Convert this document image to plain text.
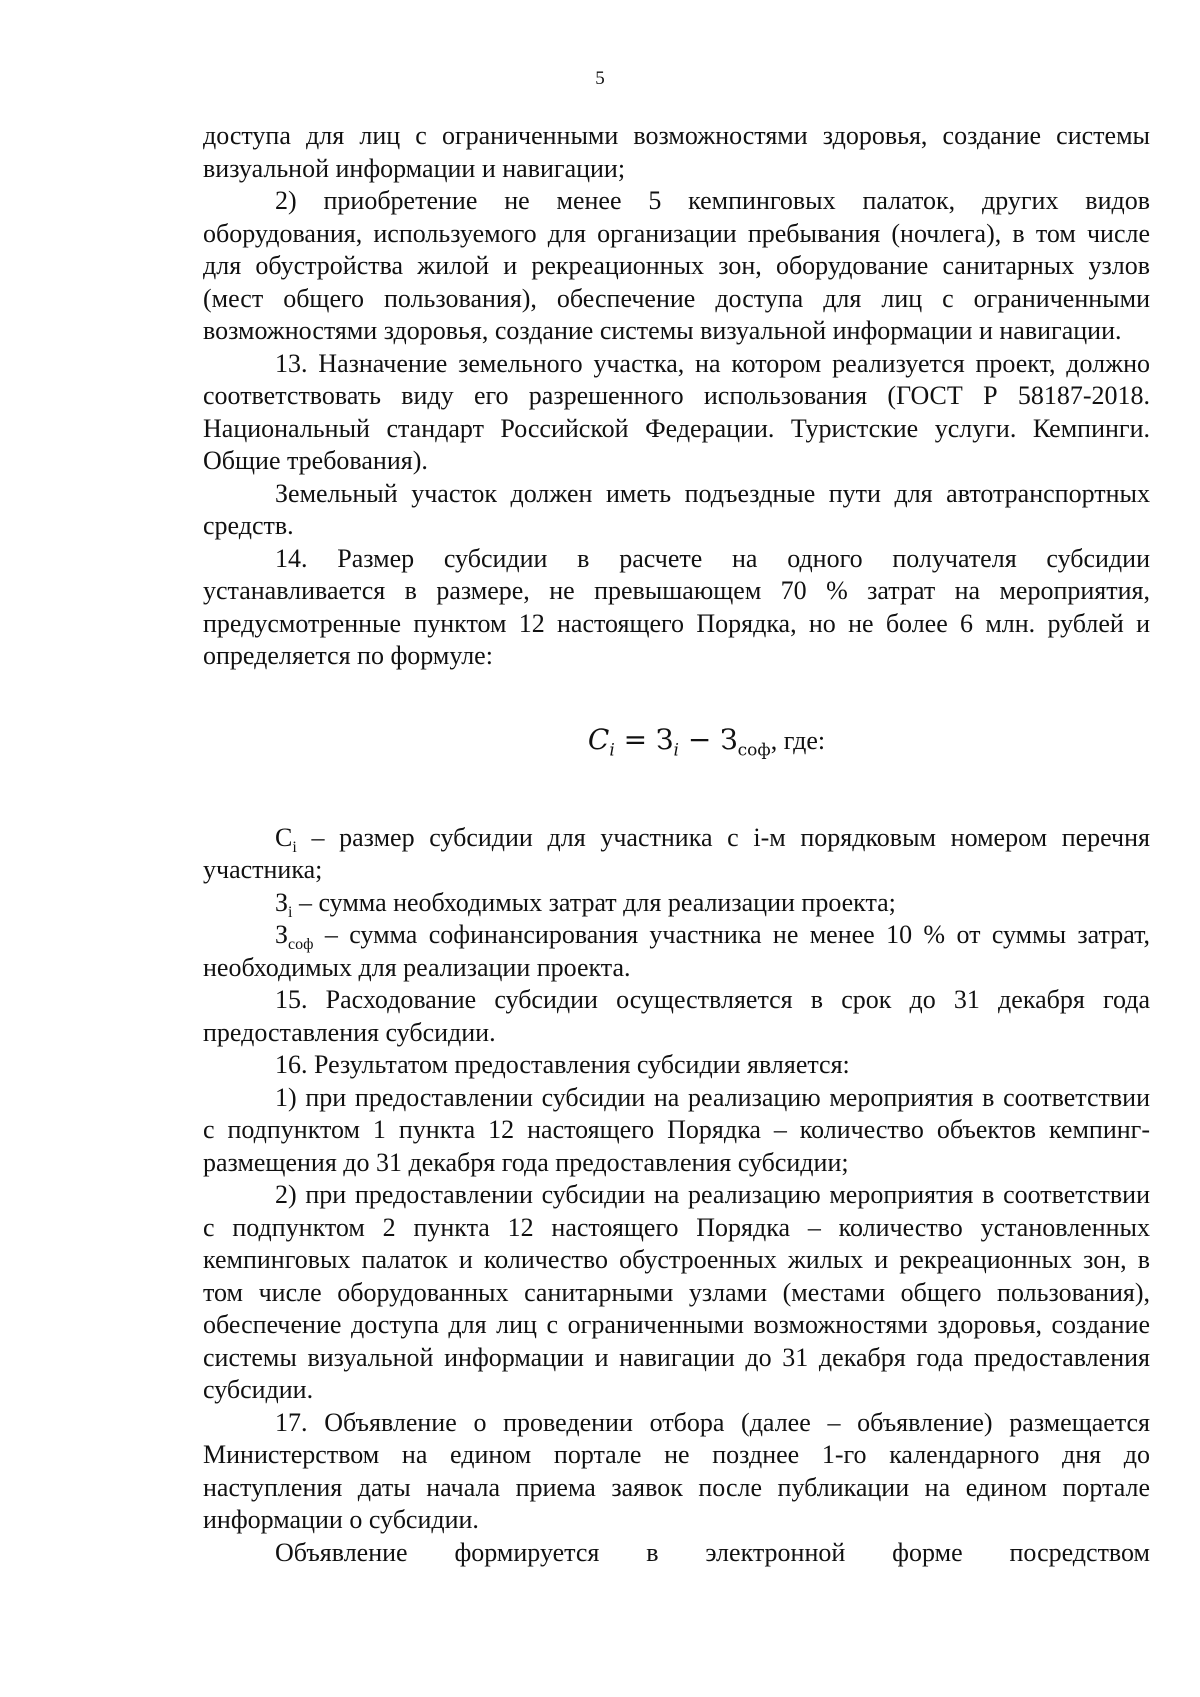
5

доступа для лиц с ограниченными возможностями здоровья, создание системы визуальной информации и навигации;

2) приобретение не менее 5 кемпинговых палаток, других видов оборудования, используемого для организации пребывания (ночлега), в том числе для обустройства жилой и рекреационных зон, оборудование санитарных узлов (мест общего пользования), обеспечение доступа для лиц с ограниченными возможностями здоровья, создание системы визуальной информации и навигации.

13. Назначение земельного участка, на котором реализуется проект, должно соответствовать виду его разрешенного использования (ГОСТ Р 58187-2018. Национальный стандарт Российской Федерации. Туристские услуги. Кемпинги. Общие требования).

Земельный участок должен иметь подъездные пути для автотранспортных средств.

14. Размер субсидии в расчете на одного получателя субсидии устанавливается в размере, не превышающем 70 % затрат на мероприятия, предусмотренные пунктом 12 настоящего Порядка, но не более 6 млн. рублей и определяется по формуле:

$C_i = З_i - З_{соф}$, где:

$C_i$ – размер субсидии для участника с i-м порядковым номером перечня участника;

$З_i$ – сумма необходимых затрат для реализации проекта;

$З_{соф}$ – сумма софинансирования участника не менее 10 % от суммы затрат, необходимых для реализации проекта.

15. Расходование субсидии осуществляется в срок до 31 декабря года предоставления субсидии.

16. Результатом предоставления субсидии является:

1) при предоставлении субсидии на реализацию мероприятия в соответствии с подпунктом 1 пункта 12 настоящего Порядка – количество объектов кемпинг-размещения до 31 декабря года предоставления субсидии;

2) при предоставлении субсидии на реализацию мероприятия в соответствии с подпунктом 2 пункта 12 настоящего Порядка – количество установленных кемпинговых палаток и количество обустроенных жилых и рекреационных зон, в том числе оборудованных санитарными узлами (местами общего пользования), обеспечение доступа для лиц с ограниченными возможностями здоровья, создание системы визуальной информации и навигации до 31 декабря года предоставления субсидии.

17. Объявление о проведении отбора (далее – объявление) размещается Министерством на едином портале не позднее 1-го календарного дня до наступления даты начала приема заявок после публикации на едином портале информации о субсидии.

Объявление формируется в электронной форме посредством
